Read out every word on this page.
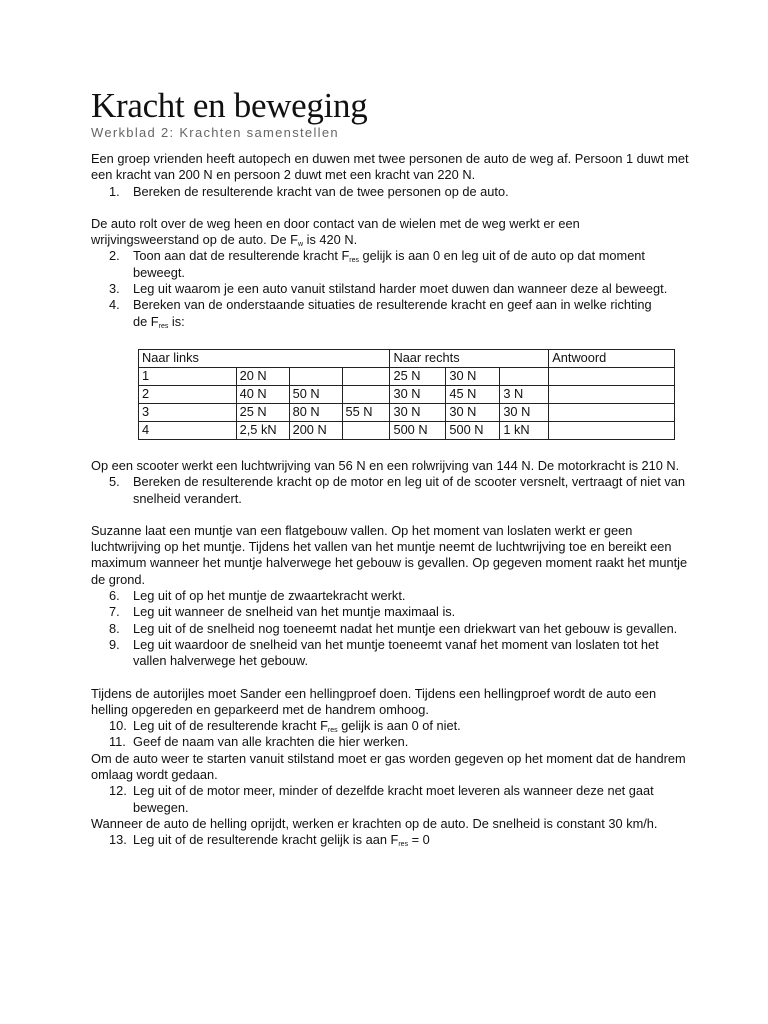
Kracht en beweging
Werkblad 2: Krachten samenstellen

Een groep vrienden heeft autopech en duwen met twee personen de auto de weg af. Persoon 1 duwt met een kracht van 200 N en persoon 2 duwt met een kracht van 220 N.

1. Bereken de resulterende kracht van de twee personen op de auto.

De auto rolt over de weg heen en door contact van de wielen met de weg werkt er een wrijvingsweerstand op de auto. De $F_w$ is 420 N.

2. Toon aan dat de resulterende kracht $F_{res}$ gelijk is aan 0 en leg uit of de auto op dat moment beweegt.
3. Leg uit waarom je een auto vanuit stilstand harder moet duwen dan wanneer deze al beweegt.
4. Bereken van de onderstaande situaties de resulterende kracht en geef aan in welke richting
de $F_{res}$ is:
Naar links				Naar rechts			Antwoord
1	20 N			25 N	30 N		
2	40 N	50 N		30 N	45 N	3 N	
3	25 N	80 N	55 N	30 N	30 N	30 N	
4	2,5 kN	200 N		500 N	500 N	1 kN	

Op een scooter werkt een luchtwrijving van 56 N en een rolwrijving van 144 N. De motorkracht is 210 N.

5. Bereken de resulterende kracht op de motor en leg uit of de scooter versnelt, vertraagt of niet van snelheid verandert.

Suzanne laat een muntje van een flatgebouw vallen. Op het moment van loslaten werkt er geen luchtwrijving op het muntje. Tijdens het vallen van het muntje neemt de luchtwrijving toe en bereikt een maximum wanneer het muntje halverwege het gebouw is gevallen. Op gegeven moment raakt het muntje de grond.

6. Leg uit of op het muntje de zwaartekracht werkt.
7. Leg uit wanneer de snelheid van het muntje maximaal is.
8. Leg uit of de snelheid nog toeneemt nadat het muntje een driekwart van het gebouw is gevallen.
9. Leg uit waardoor de snelheid van het muntje toeneemt vanaf het moment van loslaten tot het vallen halverwege het gebouw.

Tijdens de autorijles moet Sander een hellingproef doen. Tijdens een hellingproef wordt de auto een helling opgereden en geparkeerd met de handrem omhoog.

10. Leg uit of de resulterende kracht $F_{res}$ gelijk is aan 0 of niet.
11. Geef de naam van alle krachten die hier werken.

Om de auto weer te starten vanuit stilstand moet er gas worden gegeven op het moment dat de handrem omlaag wordt gedaan.

12. Leg uit of de motor meer, minder of dezelfde kracht moet leveren als wanneer deze net gaat bewegen.

Wanneer de auto de helling oprijdt, werken er krachten op de auto. De snelheid is constant 30 km/h.

13. Leg uit of de resulterende kracht gelijk is aan $F_{res} = 0$
